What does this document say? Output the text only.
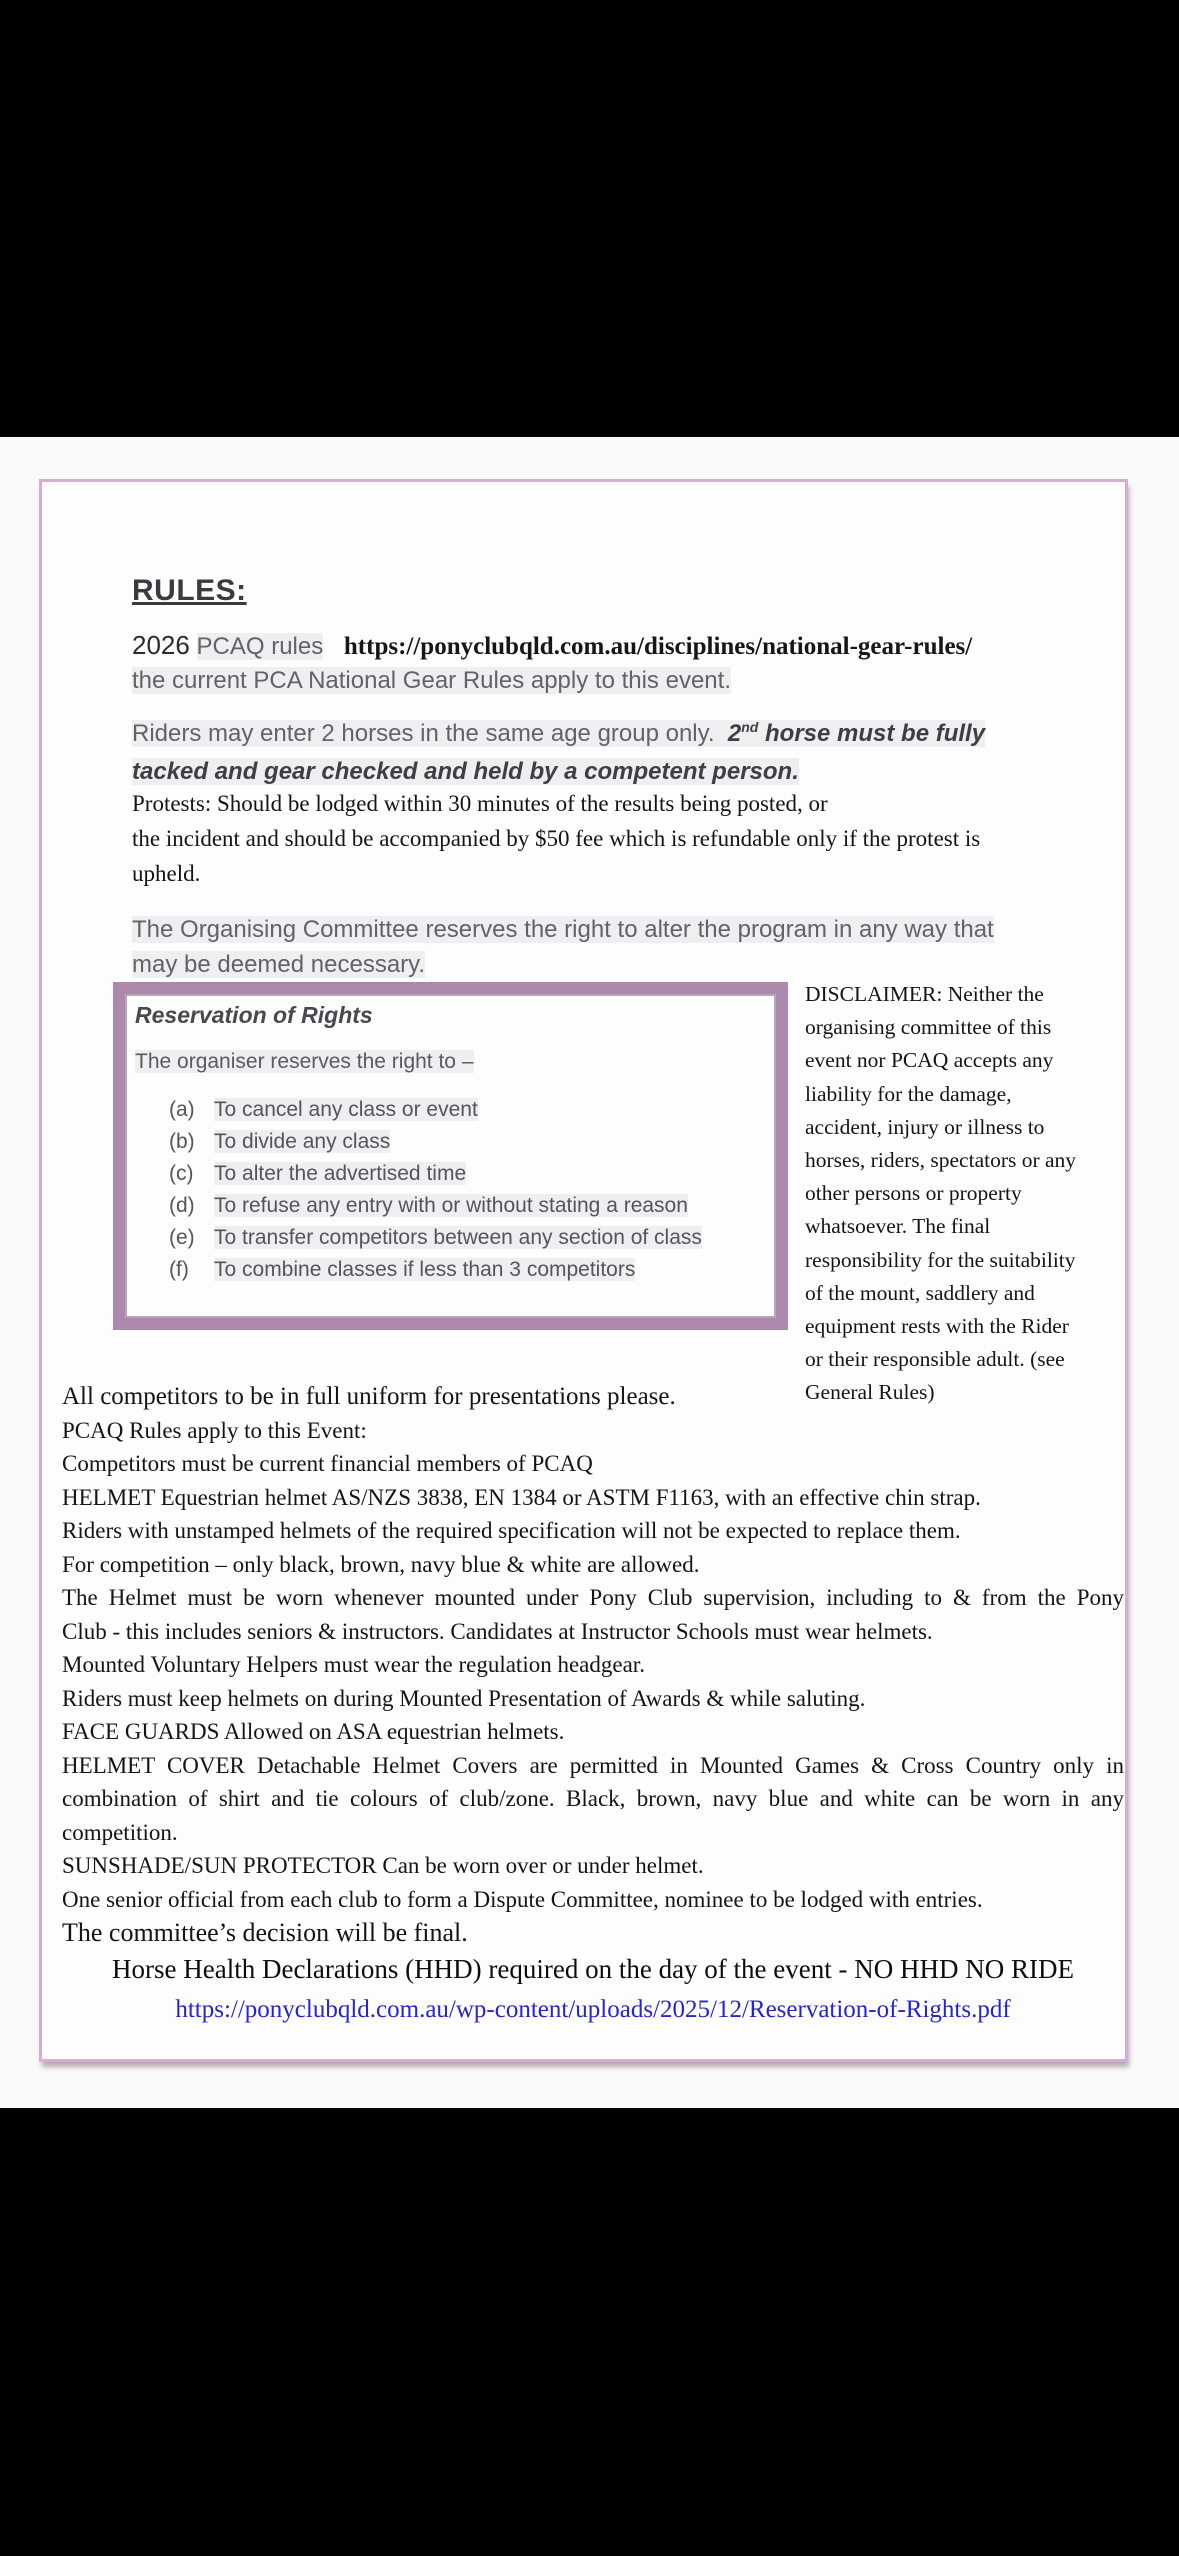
RULES:
2026 PCAQ rules https://ponyclubqld.com.au/disciplines/national-gear-rules/
the current PCA National Gear Rules apply to this event.
Riders may enter 2 horses in the same age group only.  2nd horse must be fully
tacked and gear checked and held by a competent person.
Protests: Should be lodged within 30 minutes of the results being posted, or
the incident and should be accompanied by $50 fee which is refundable only if the protest is
upheld.
The Organising Committee reserves the right to alter the program in any way that
may be deemed necessary.
Reservation of Rights
The organiser reserves the right to –
(a) To cancel any class or event
(b) To divide any class
(c) To alter the advertised time
(d) To refuse any entry with or without stating a reason
(e) To transfer competitors between any section of class
(f) To combine classes if less than 3 competitors
DISCLAIMER: Neither the
organising committee of this
event nor PCAQ accepts any
liability for the damage,
accident, injury or illness to
horses, riders, spectators or any
other persons or property
whatsoever. The final
responsibility for the suitability
of the mount, saddlery and
equipment rests with the Rider
or their responsible adult. (see
General Rules)
All competitors to be in full uniform for presentations please.
PCAQ Rules apply to this Event:
Competitors must be current financial members of PCAQ
HELMET Equestrian helmet AS/NZS 3838, EN 1384 or ASTM F1163, with an effective chin strap.
Riders with unstamped helmets of the required specification will not be expected to replace them.
For competition – only black, brown, navy blue & white are allowed.
The Helmet must be worn whenever mounted under Pony Club supervision, including to & from the Pony
Club - this includes seniors & instructors. Candidates at Instructor Schools must wear helmets.
Mounted Voluntary Helpers must wear the regulation headgear.
Riders must keep helmets on during Mounted Presentation of Awards & while saluting.
FACE GUARDS Allowed on ASA equestrian helmets.
HELMET COVER Detachable Helmet Covers are permitted in Mounted Games & Cross Country only in
combination of shirt and tie colours of club/zone. Black, brown, navy blue and white can be worn in any
competition.
SUNSHADE/SUN PROTECTOR Can be worn over or under helmet.
One senior official from each club to form a Dispute Committee, nominee to be lodged with entries.
The committee’s decision will be final.
Horse Health Declarations (HHD) required on the day of the event - NO HHD NO RIDE
https://ponyclubqld.com.au/wp-content/uploads/2025/12/Reservation-of-Rights.pdf
